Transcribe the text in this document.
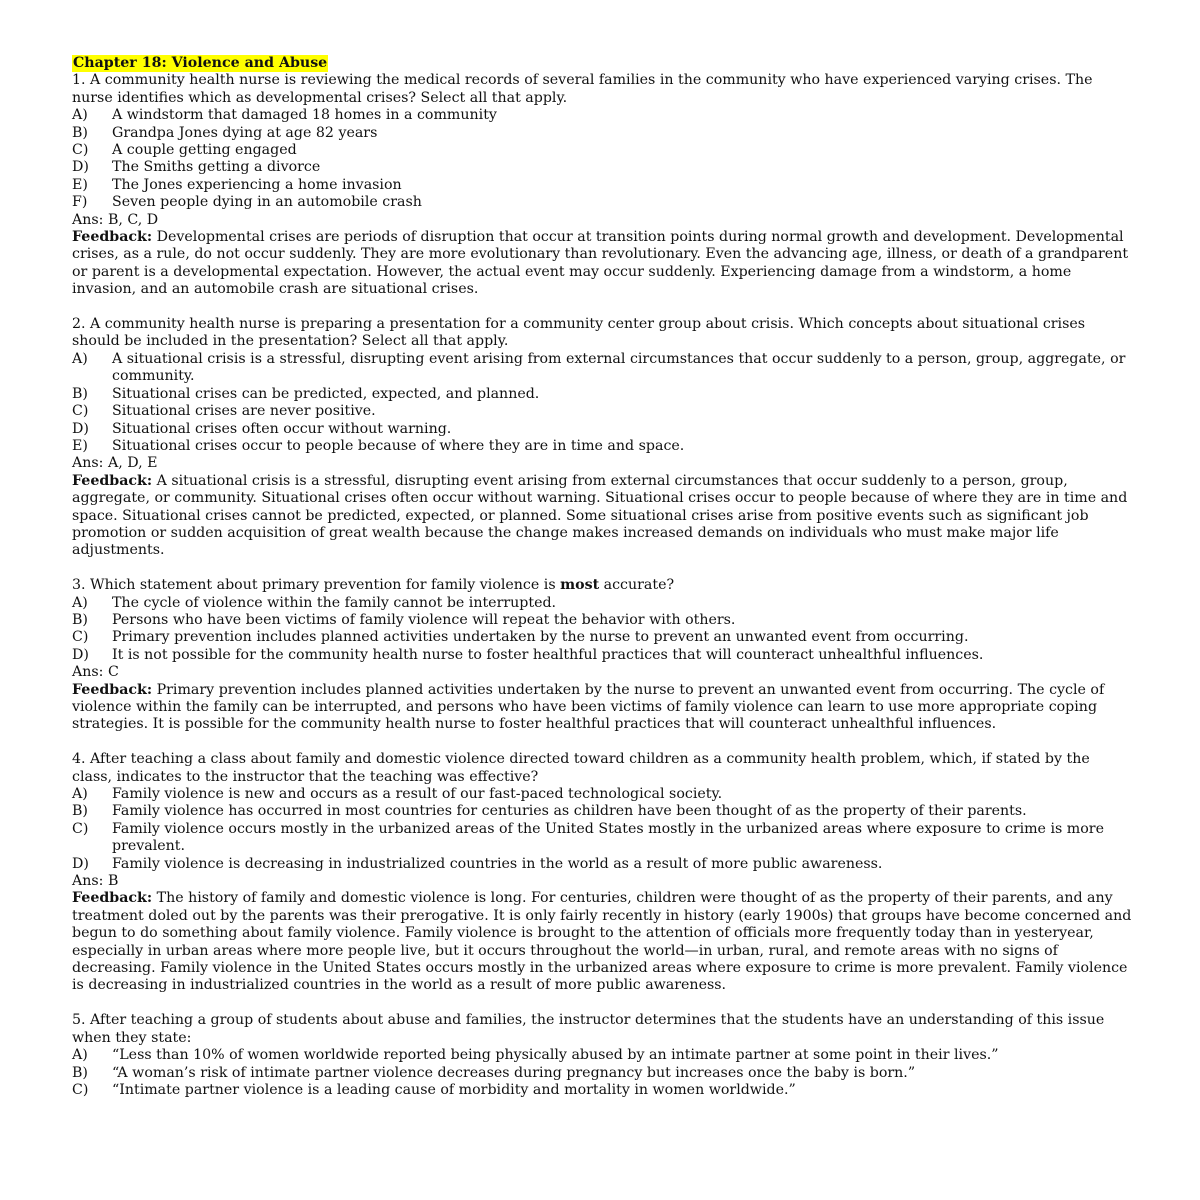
Chapter 18: Violence and Abuse

1. A community health nurse is reviewing the medical records of several families in the community who have experienced varying crises. The nurse identifies which as developmental crises? Select all that apply.

A)	A windstorm that damaged 18 homes in a community
B)	Grandpa Jones dying at age 82 years
C)	A couple getting engaged
D)	The Smiths getting a divorce
E)	The Jones experiencing a home invasion
F)	Seven people dying in an automobile crash

Ans: B, C, D

Feedback: Developmental crises are periods of disruption that occur at transition points during normal growth and development. Developmental crises, as a rule, do not occur suddenly. They are more evolutionary than revolutionary. Even the advancing age, illness, or death of a grandparent or parent is a developmental expectation. However, the actual event may occur suddenly. Experiencing damage from a windstorm, a home invasion, and an automobile crash are situational crises.

2. A community health nurse is preparing a presentation for a community center group about crisis. Which concepts about situational crises should be included in the presentation? Select all that apply.

A)	A situational crisis is a stressful, disrupting event arising from external circumstances that occur suddenly to a person, group, aggregate, or community.
B)	Situational crises can be predicted, expected, and planned.
C)	Situational crises are never positive.
D)	Situational crises often occur without warning.
E)	Situational crises occur to people because of where they are in time and space.

Ans: A, D, E

Feedback: A situational crisis is a stressful, disrupting event arising from external circumstances that occur suddenly to a person, group, aggregate, or community. Situational crises often occur without warning. Situational crises occur to people because of where they are in time and space. Situational crises cannot be predicted, expected, or planned. Some situational crises arise from positive events such as significant job promotion or sudden acquisition of great wealth because the change makes increased demands on individuals who must make major life adjustments.

3. Which statement about primary prevention for family violence is most accurate?

A)	The cycle of violence within the family cannot be interrupted.
B)	Persons who have been victims of family violence will repeat the behavior with others.
C)	Primary prevention includes planned activities undertaken by the nurse to prevent an unwanted event from occurring.
D)	It is not possible for the community health nurse to foster healthful practices that will counteract unhealthful influences.

Ans: C

Feedback: Primary prevention includes planned activities undertaken by the nurse to prevent an unwanted event from occurring. The cycle of violence within the family can be interrupted, and persons who have been victims of family violence can learn to use more appropriate coping strategies. It is possible for the community health nurse to foster healthful practices that will counteract unhealthful influences.

4. After teaching a class about family and domestic violence directed toward children as a community health problem, which, if stated by the class, indicates to the instructor that the teaching was effective?

A)	Family violence is new and occurs as a result of our fast-paced technological society.
B)	Family violence has occurred in most countries for centuries as children have been thought of as the property of their parents.
C)	Family violence occurs mostly in the urbanized areas of the United States mostly in the urbanized areas where exposure to crime is more prevalent.
D)	Family violence is decreasing in industrialized countries in the world as a result of more public awareness.

Ans: B

Feedback: The history of family and domestic violence is long. For centuries, children were thought of as the property of their parents, and any treatment doled out by the parents was their prerogative. It is only fairly recently in history (early 1900s) that groups have become concerned and begun to do something about family violence. Family violence is brought to the attention of officials more frequently today than in yesteryear, especially in urban areas where more people live, but it occurs throughout the world—in urban, rural, and remote areas with no signs of decreasing. Family violence in the United States occurs mostly in the urbanized areas where exposure to crime is more prevalent. Family violence is decreasing in industrialized countries in the world as a result of more public awareness.

5. After teaching a group of students about abuse and families, the instructor determines that the students have an understanding of this issue when they state:

A)	“Less than 10% of women worldwide reported being physically abused by an intimate partner at some point in their lives.”
B)	“A woman’s risk of intimate partner violence decreases during pregnancy but increases once the baby is born.”
C)	“Intimate partner violence is a leading cause of morbidity and mortality in women worldwide.”
